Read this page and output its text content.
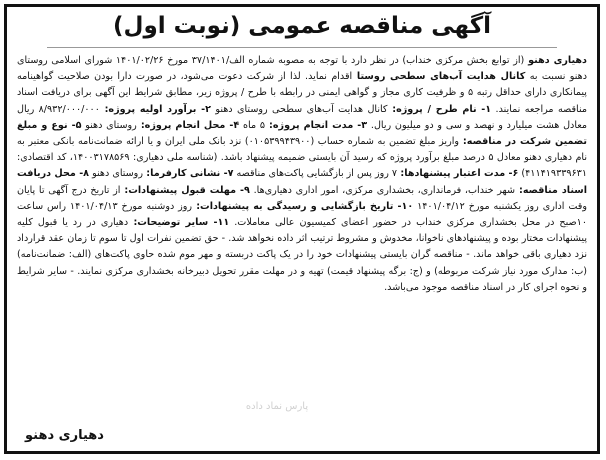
آگهی مناقصه عمومی (نوبت اول)

دهیاری دهنو (از توابع بخش مرکزی خنداب) در نظر دارد با توجه به مصوبه شماره الف/۳۷/۱۴۰۱ مورخ ۱۴۰۱/۰۲/۲۶ شورای اسلامی روستای دهنو نسبت به کانال هدایت آب‌های سطحی روستا اقدام نماید. لذا از شرکت دعوت می‌شود، در صورت دارا بودن صلاحیت گواهینامه پیمانکاری دارای حداقل رتبه ۵ و ظرفیت کاری مجاز و گواهی ایمنی در رابطه با طرح / پروژه زیر، مطابق شرایط این آگهی برای دریافت اسناد مناقصه مراجعه نمایند. ۱- نام طرح / پروژه: کانال هدایت آب‌های سطحی روستای دهنو ۲- برآورد اولیه پروژه: ۸/۹۳۲/۰۰۰/۰۰۰ ریال معادل هشت میلیارد و نهصد و سی و دو میلیون ریال. ۳- مدت انجام پروژه: ۵ ماه ۴- محل انجام پروژه: روستای دهنو ۵- نوع و مبلغ تضمین شرکت در مناقصه: واریز مبلغ تضمین به شماره حساب (۰۱۰۵۳۹۹۴۳۹۰۰) نزد بانک ملی ایران و یا ارائه ضمانت‌نامه بانکی معتبر به نام دهیاری دهنو معادل ۵ درصد مبلغ برآورد پروژه که رسید آن بایستی ضمیمه پیشنهاد باشد. (شناسه ملی دهیاری: ۱۴۰۰۳۱۷۸۵۶۹، کد اقتصادی: ۴۱۱۴۱۹۳۳۹۶۳۱) ۶- مدت اعتبار پیشنهادها: ۷ روز پس از بازگشایی پاکت‌های مناقصه ۷- نشانی کارفرما: روستای دهنو ۸- محل دریافت اسناد مناقصه: شهر خنداب، فرمانداری، بخشداری مرکزی، امور اداری دهیاری‌ها. ۹- مهلت قبول پیشنهادات: از تاریخ درج آگهی تا پایان وقت اداری روز یکشنبه مورخ ۱۴۰۱/۰۴/۱۲ ۱۰- تاریخ بازگشایی و رسیدگی به پیشنهادات: روز دوشنبه مورخ ۱۴۰۱/۰۴/۱۳ راس ساعت ۱۰صبح در محل بخشداری مرکزی خنداب در حضور اعضای کمیسیون عالی معاملات. ۱۱- سایر توضیحات: دهیاری در رد یا قبول کلیه پیشنهادات مختار بوده و پیشنهادهای ناخوانا، مخدوش و مشروط ترتیب اثر داده نخواهد شد. - حق تضمین نفرات اول تا سوم تا زمان عقد قرارداد نزد دهیاری باقی خواهد ماند. - مناقصه گران بایستی پیشنهادات خود را در یک پاکت دربسته و مهر موم شده حاوی پاکت‌های (الف: ضمانت‌نامه) (ب: مدارک مورد نیاز شرکت مربوطه) و (ج: برگه پیشنهاد قیمت) تهیه و در مهلت مقرر تحویل دبیرخانه بخشداری مرکزی نمایند. - سایر شرایط و نحوه اجرای کار در اسناد مناقصه موجود می‌باشد.

پارس نماد داده
دهیاری دهنو
